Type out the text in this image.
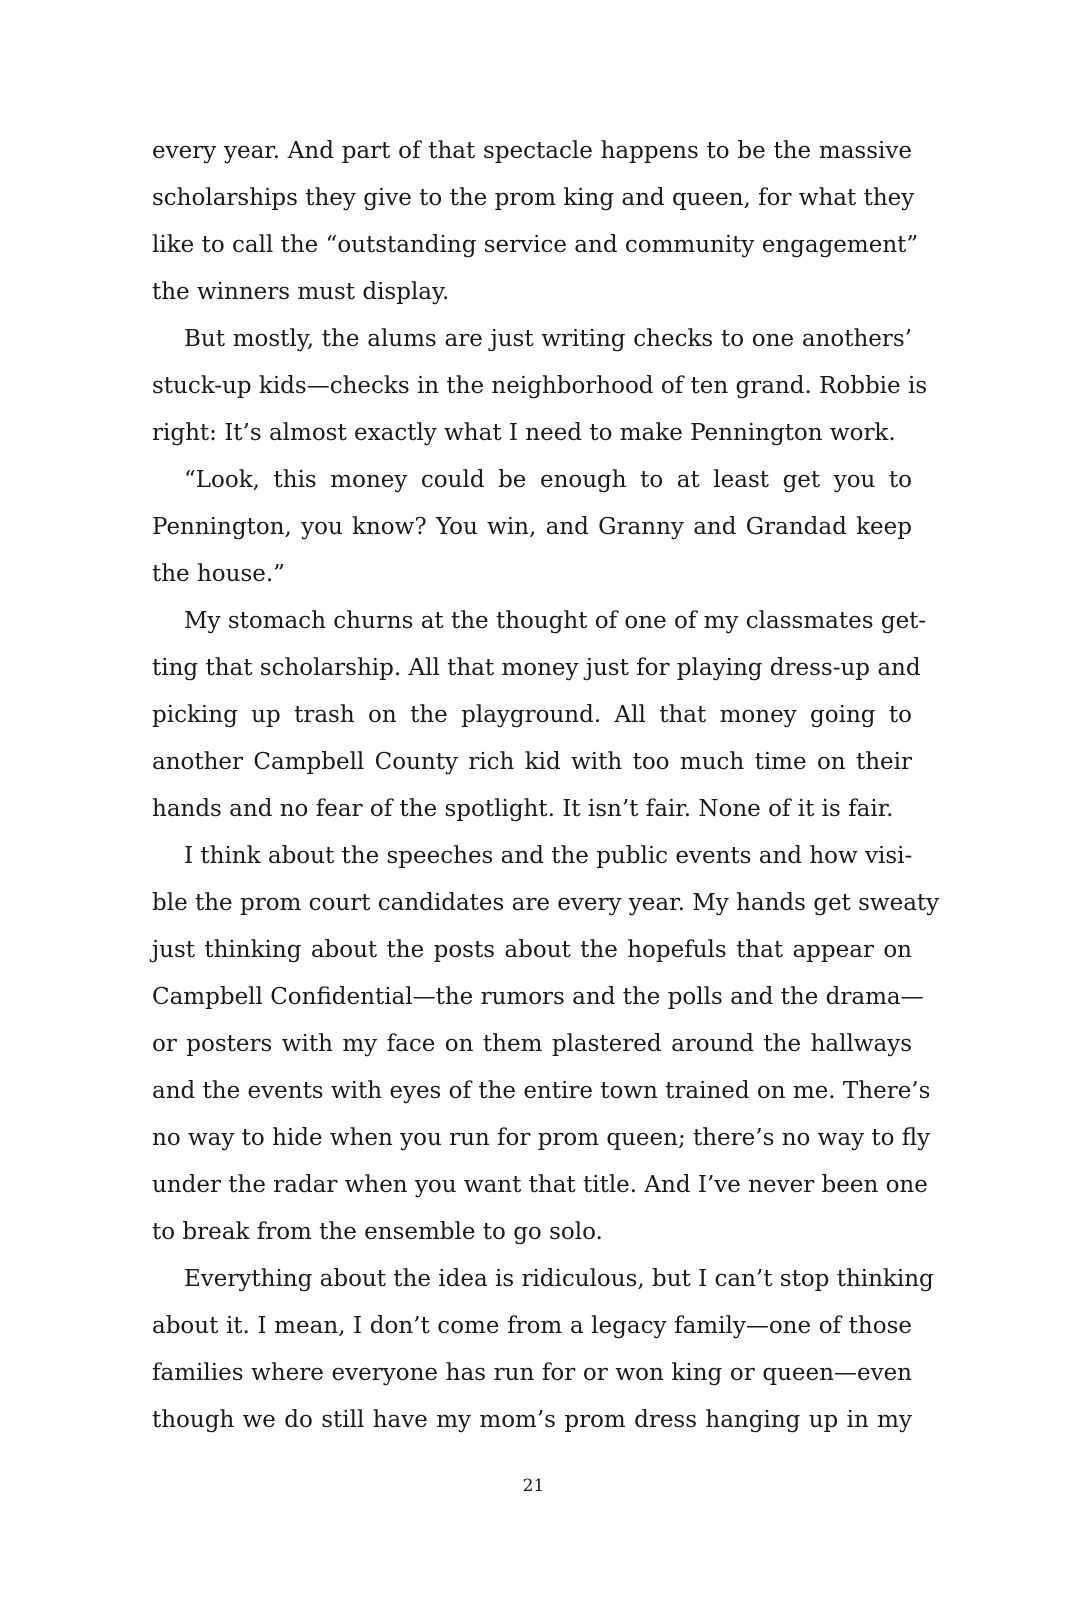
every year. And part of that spectacle happens to be the massive
scholarships they give to the prom king and queen, for what they
like to call the “outstanding service and community engagement”
the winners must display.
But mostly, the alums are just writing checks to one anothers’
stuck-up kids—checks in the neighborhood of ten grand. Robbie is
right: It’s almost exactly what I need to make Pennington work.
“Look, this money could be enough to at least get you to
Pennington, you know? You win, and Granny and Grandad keep
the house.”
My stomach churns at the thought of one of my classmates get-
ting that scholarship. All that money just for playing dress-up and
picking up trash on the playground. All that money going to
another Campbell County rich kid with too much time on their
hands and no fear of the spotlight. It isn’t fair. None of it is fair.
I think about the speeches and the public events and how visi-
ble the prom court candidates are every year. My hands get sweaty
just thinking about the posts about the hopefuls that appear on
Campbell Confidential—the rumors and the polls and the drama—
or posters with my face on them plastered around the hallways
and the events with eyes of the entire town trained on me. There’s
no way to hide when you run for prom queen; there’s no way to fly
under the radar when you want that title. And I’ve never been one
to break from the ensemble to go solo.
Everything about the idea is ridiculous, but I can’t stop thinking
about it. I mean, I don’t come from a legacy family—one of those
families where everyone has run for or won king or queen—even
though we do still have my mom’s prom dress hanging up in my
21
